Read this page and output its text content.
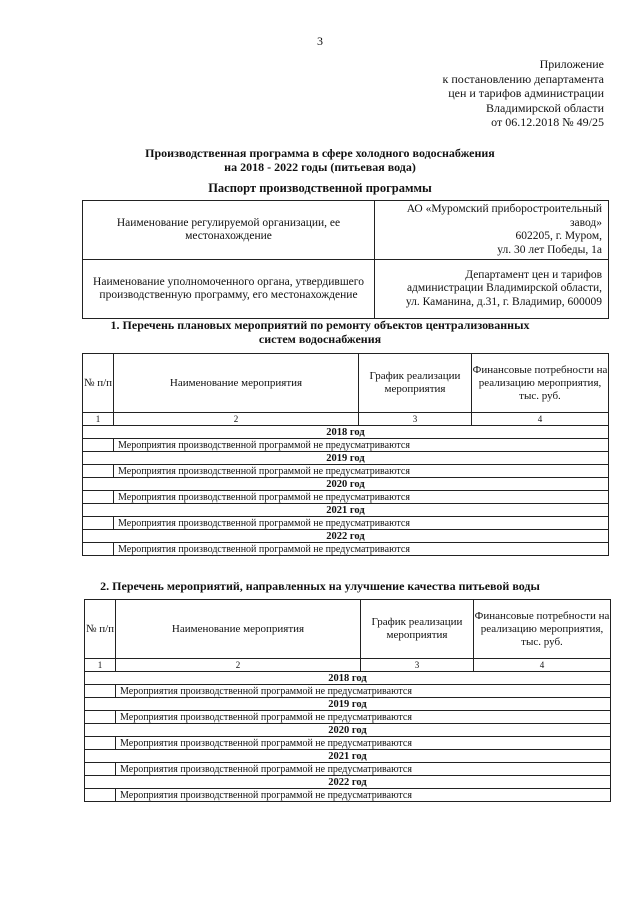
3
Приложение
к постановлению департамента
цен и тарифов администрации
Владимирской области
от 06.12.2018 № 49/25
Производственная программа в сфере холодного водоснабжения
на 2018 - 2022 годы (питьевая вода)
Паспорт производственной программы
Наименование регулируемой организации, ее местонахождение	АО «Муромский приборостроительный завод»
602205, г. Муром,
ул. 30 лет Победы, 1а

Наименование уполномоченного органа, утвердившего производственную программу, его местонахождение	Департамент цен и тарифов
администрации Владимирской области,
ул. Каманина, д.31, г. Владимир, 600009
1. Перечень плановых мероприятий по ремонту объектов централизованных
систем водоснабжения
№ п/п	Наименование мероприятия	График реализации мероприятия	Финансовые потребности на реализацию мероприятия, тыс. руб.
1	2	3	4
2018 год			
	Мероприятия производственной программой не предусматриваются		
2019 год			
	Мероприятия производственной программой не предусматриваются		
2020 год			
	Мероприятия производственной программой не предусматриваются		
2021 год			
	Мероприятия производственной программой не предусматриваются		
2022 год			
	Мероприятия производственной программой не предусматриваются		
2. Перечень мероприятий, направленных на улучшение качества питьевой воды
№ п/п	Наименование мероприятия	График реализации мероприятия	Финансовые потребности на реализацию мероприятия, тыс. руб.
1	2	3	4
2018 год			
	Мероприятия производственной программой не предусматриваются		
2019 год			
	Мероприятия производственной программой не предусматриваются		
2020 год			
	Мероприятия производственной программой не предусматриваются		
2021 год			
	Мероприятия производственной программой не предусматриваются		
2022 год			
	Мероприятия производственной программой не предусматриваются		
